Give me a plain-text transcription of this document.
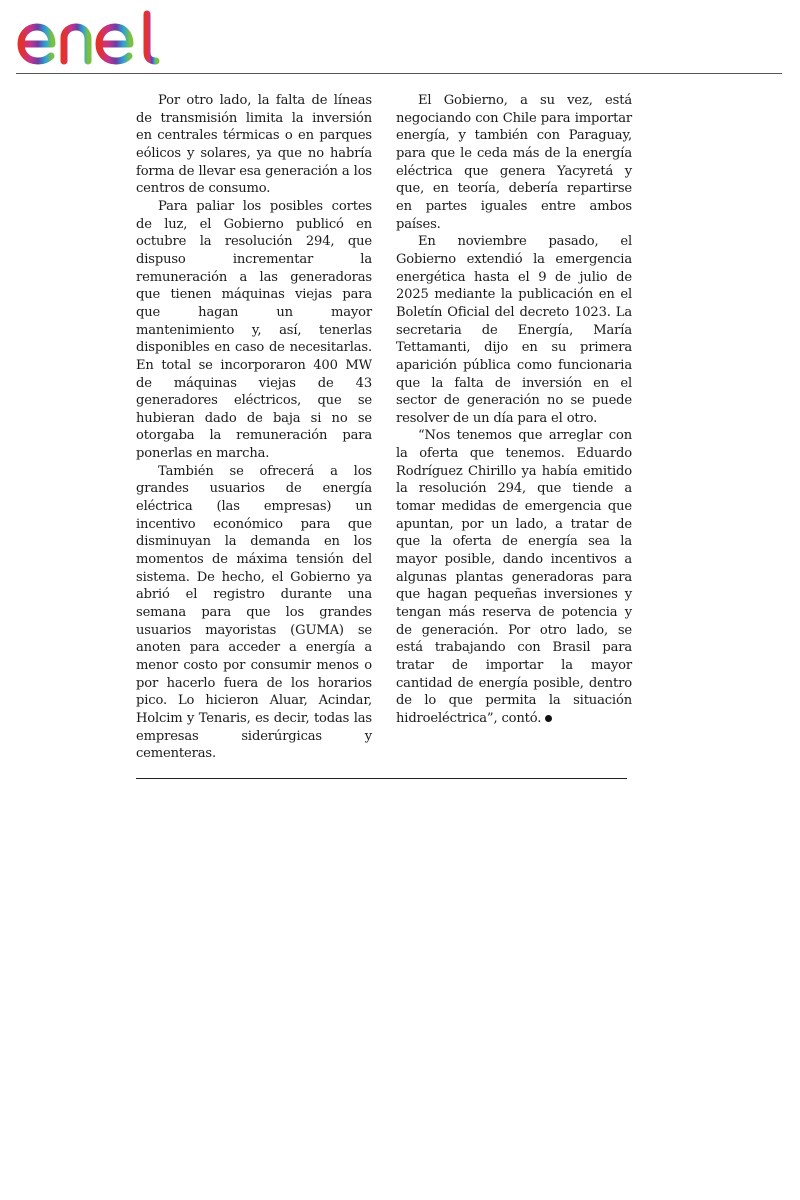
Por otro lado, la falta de líneas de transmisión limita la inversión en centrales térmicas o en parques eólicos y solares, ya que no habría forma de llevar esa generación a los centros de consumo.

Para paliar los posibles cortes de luz, el Gobierno publicó en octubre la resolución 294, que dispuso incrementar la remuneración a las generadoras que tienen máquinas viejas para que hagan un mayor mantenimiento y, así, tenerlas disponibles en caso de necesitarlas. En total se incorporaron 400 MW de máquinas viejas de 43 generadores eléctricos, que se hubieran dado de baja si no se otorgaba la remuneración para ponerlas en marcha.

También se ofrecerá a los grandes usuarios de energía eléctrica (las empresas) un incentivo económico para que disminuyan la demanda en los momentos de máxima tensión del sistema. De hecho, el Gobierno ya abrió el registro durante una semana para que los grandes usuarios mayoristas (GUMA) se anoten para acceder a energía a menor costo por consumir menos o por hacerlo fuera de los horarios pico. Lo hicieron Aluar, Acindar, Holcim y Tenaris, es decir, todas las empresas siderúrgicas y cementeras.

El Gobierno, a su vez, está negociando con Chile para importar energía, y también con Paraguay, para que le ceda más de la energía eléctrica que genera Yacyretá y que, en teoría, debería repartirse en partes iguales entre ambos países.

En noviembre pasado, el Gobierno extendió la emergencia energética hasta el 9 de julio de 2025 mediante la publicación en el Boletín Oficial del decreto 1023. La secretaria de Energía, María Tettamanti, dijo en su primera aparición pública como funcionaria que la falta de inversión en el sector de generación no se puede resolver de un día para el otro.

“Nos tenemos que arreglar con la oferta que tenemos. Eduardo Rodríguez Chirillo ya había emitido la resolución 294, que tiende a tomar medidas de emergencia que apuntan, por un lado, a tratar de que la oferta de energía sea la mayor posible, dando incentivos a algunas plantas generadoras para que hagan pequeñas inversiones y tengan más reserva de potencia y de generación. Por otro lado, se está trabajando con Brasil para tratar de importar la mayor cantidad de energía posible, dentro de lo que permita la situación hidroeléctrica”, contó.
